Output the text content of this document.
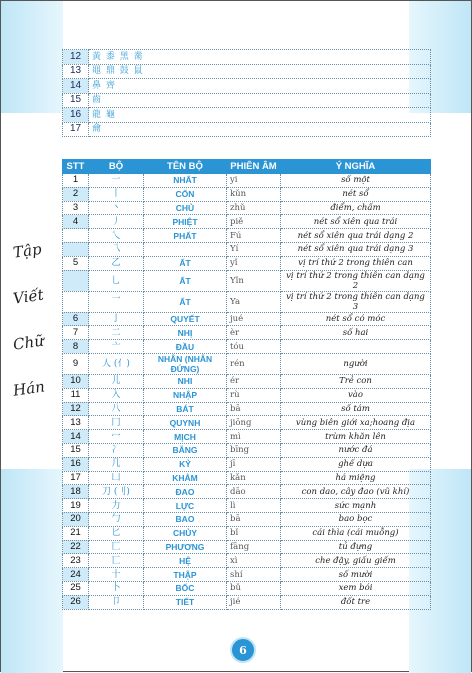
Tập
Viết
Chữ
Hán
12	黃 黍 黑 黹
13	黽 鼎 鼓 鼠
14	鼻 齊
15	齒
16	龍 龜
17	龠
STT	BỘ	TÊN BỘ	PHIÊN ÂM	Ý NGHĨA
1	一	NHẤT	yi	số một
2	丨	CỔN	kǔn	nét sổ
3	丶	CHỦ	zhǔ	điểm, chấm
4	丿	PHIỆT	piě	nét sổ xiên qua trái
	乀	PHẤT	Fú	nét sổ xiên qua trái dạng 2
	乁		Yí	nét sổ xiên qua trái dạng 3
5	乙	ẤT	yǐ	vị trí thứ 2 trong thiên can
	乚	ẤT	Yǐn	vị trí thứ 2 trong thiên can dạng 2
	乛	ẤT	Ya	vị trí thứ 2 trong thiên can dạng 3
6	亅	QUYẾT	jué	nét sổ có móc
7	二	NHỊ	èr	số hai
8	亠	ĐẦU	tóu	
9	人 (亻)	NHÂN (NHÂN ĐỨNG)	rén	người
10	儿	NHI	ér	Trẻ con
11	入	NHẬP	rù	vào
12	八	BÁT	bā	số tám
13	冂	QUYNH	jiōng	vùng biên giới xa;hoang địa
14	冖	MỊCH	mì	trùm khăn lên
15	冫	BĂNG	bīng	nước đá
16	几	KỶ	jī	ghế dựa
17	凵	KHẢM	kǎn	há miệng
18	刀 (刂)	ĐAO	dāo	con dao, cây đao (vũ khí)
19	力	LỰC	lì	sức mạnh
20	勹	BAO	bā	bao bọc
21	匕	CHỦY	bǐ	cái thìa (cái muỗng)
22	匚	PHƯƠNG	fāng	tủ đựng
23	匸	HỆ	xì	che đậy, giấu giếm
24	十	THẬP	shí	số mười
25	卜	BỐC	bǔ	xem bói
26	卩	TIẾT	jié	đốt tre
6
